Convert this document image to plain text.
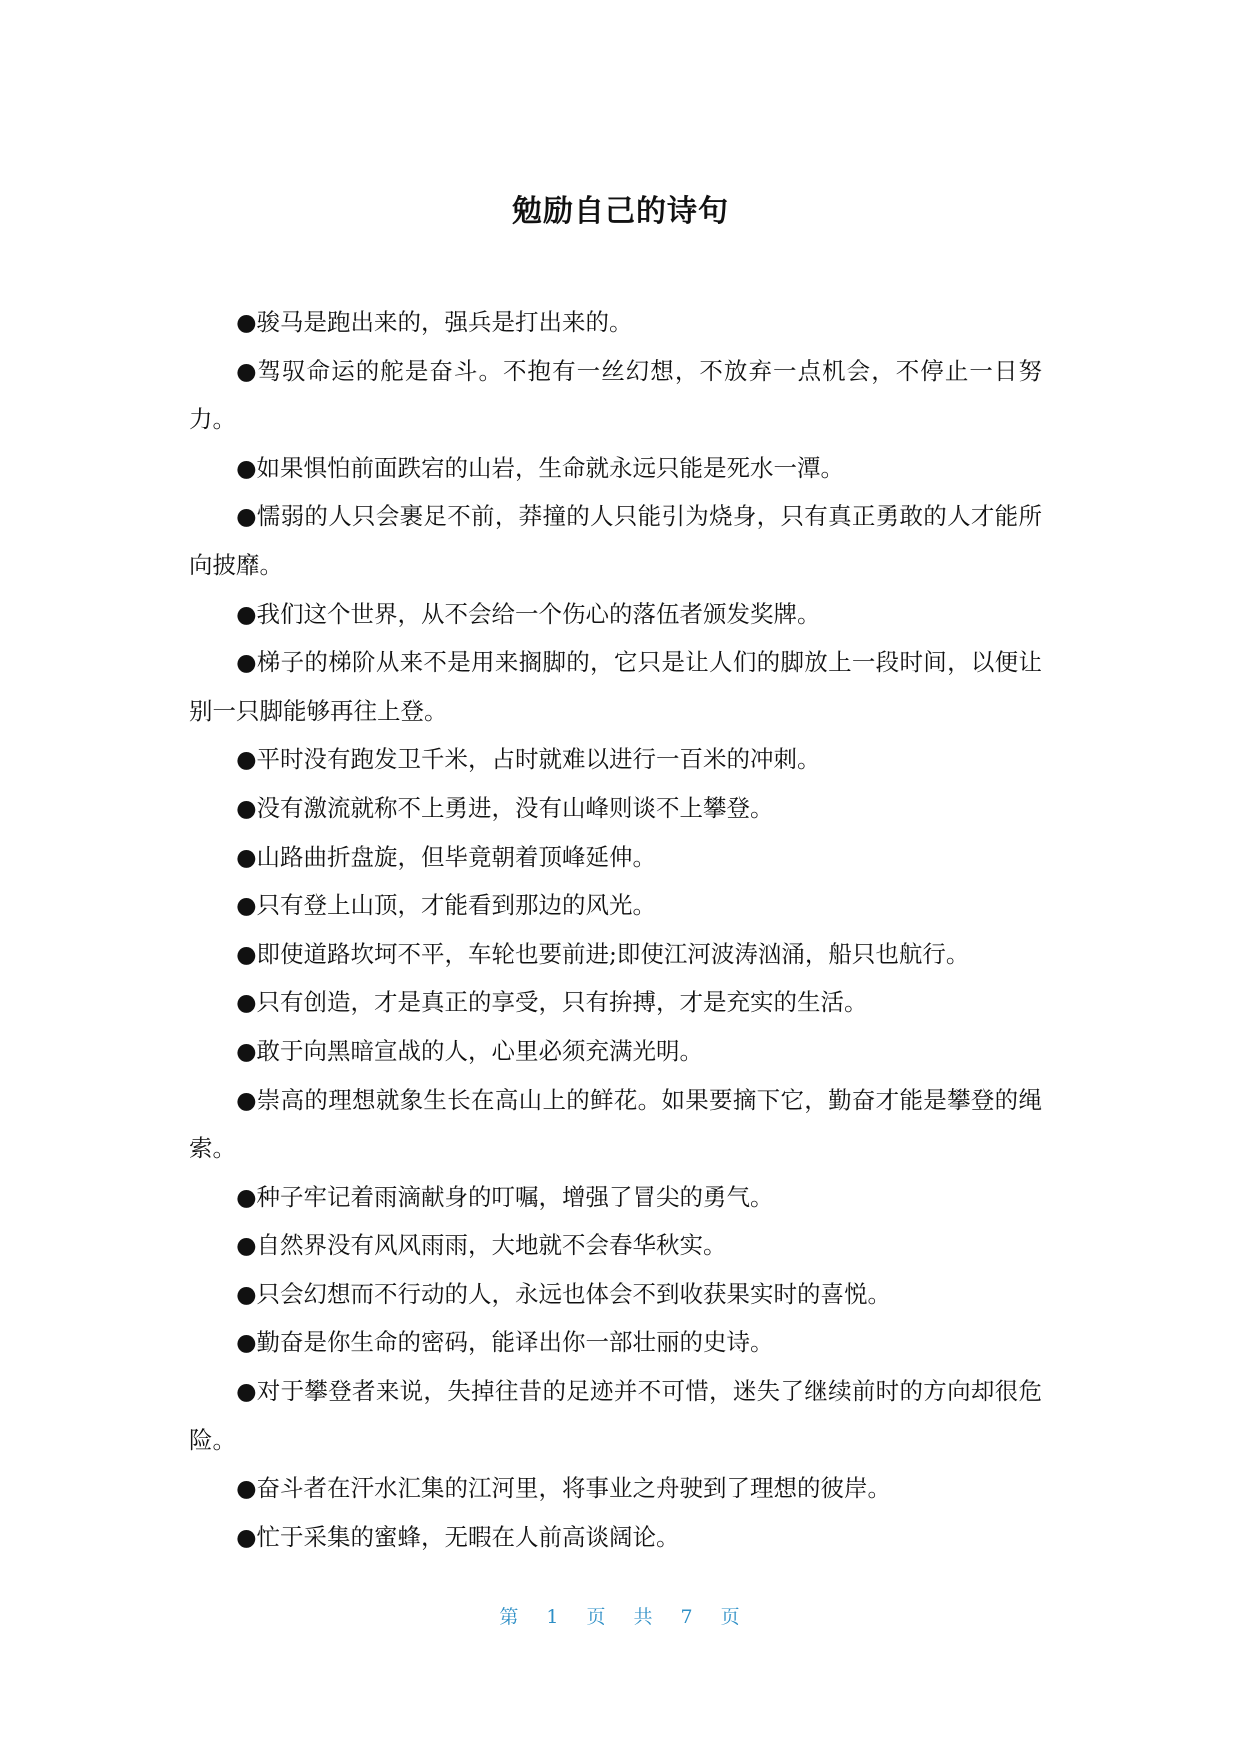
勉励自己的诗句

●骏马是跑出来的，强兵是打出来的。

●驾驭命运的舵是奋斗。不抱有一丝幻想，不放弃一点机会，不停止一日努力。

●如果惧怕前面跌宕的山岩，生命就永远只能是死水一潭。

●懦弱的人只会裹足不前，莽撞的人只能引为烧身，只有真正勇敢的人才能所向披靡。

●我们这个世界，从不会给一个伤心的落伍者颁发奖牌。

●梯子的梯阶从来不是用来搁脚的，它只是让人们的脚放上一段时间，以便让别一只脚能够再往上登。

●平时没有跑发卫千米，占时就难以进行一百米的冲刺。

●没有激流就称不上勇进，没有山峰则谈不上攀登。

●山路曲折盘旋，但毕竟朝着顶峰延伸。

●只有登上山顶，才能看到那边的风光。

●即使道路坎坷不平，车轮也要前进;即使江河波涛汹涌，船只也航行。

●只有创造，才是真正的享受，只有拚搏，才是充实的生活。

●敢于向黑暗宣战的人，心里必须充满光明。

●崇高的理想就象生长在高山上的鲜花。如果要摘下它，勤奋才能是攀登的绳索。

●种子牢记着雨滴献身的叮嘱，增强了冒尖的勇气。

●自然界没有风风雨雨，大地就不会春华秋实。

●只会幻想而不行动的人，永远也体会不到收获果实时的喜悦。

●勤奋是你生命的密码，能译出你一部壮丽的史诗。

●对于攀登者来说，失掉往昔的足迹并不可惜，迷失了继续前时的方向却很危险。

●奋斗者在汗水汇集的江河里，将事业之舟驶到了理想的彼岸。

●忙于采集的蜜蜂，无暇在人前高谈阔论。

第 1 页 共 7 页
